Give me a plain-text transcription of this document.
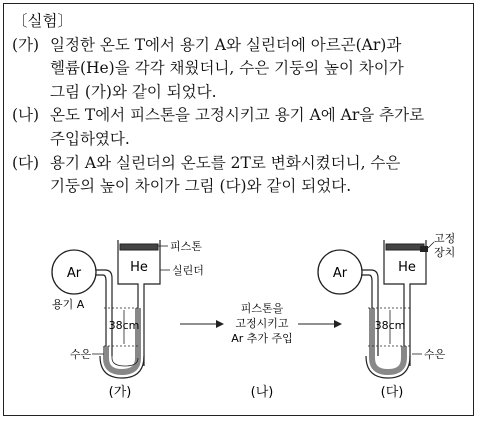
〔실험〕
(가) 일정한 온도 T에서 용기 A와 실린더에 아르곤(Ar)과
헬륨(He)을 각각 채웠더니, 수은 기둥의 높이 차이가
그림 (가)와 같이 되었다.
(나) 온도 T에서 피스톤을 고정시키고 용기 A에 Ar을 추가로
주입하였다.
(다) 용기 A와 실린더의 온도를 2T로 변화시켰더니, 수은
기둥의 높이 차이가 그림 (다)와 같이 되었다.
Ar	He
38cm
피스톤
실린더
용기 A
수은
(가)
피스톤을
고정시키고
Ar 추가 주입
(나)
Ar	He
고정
장치
38cm
수은
(다)
